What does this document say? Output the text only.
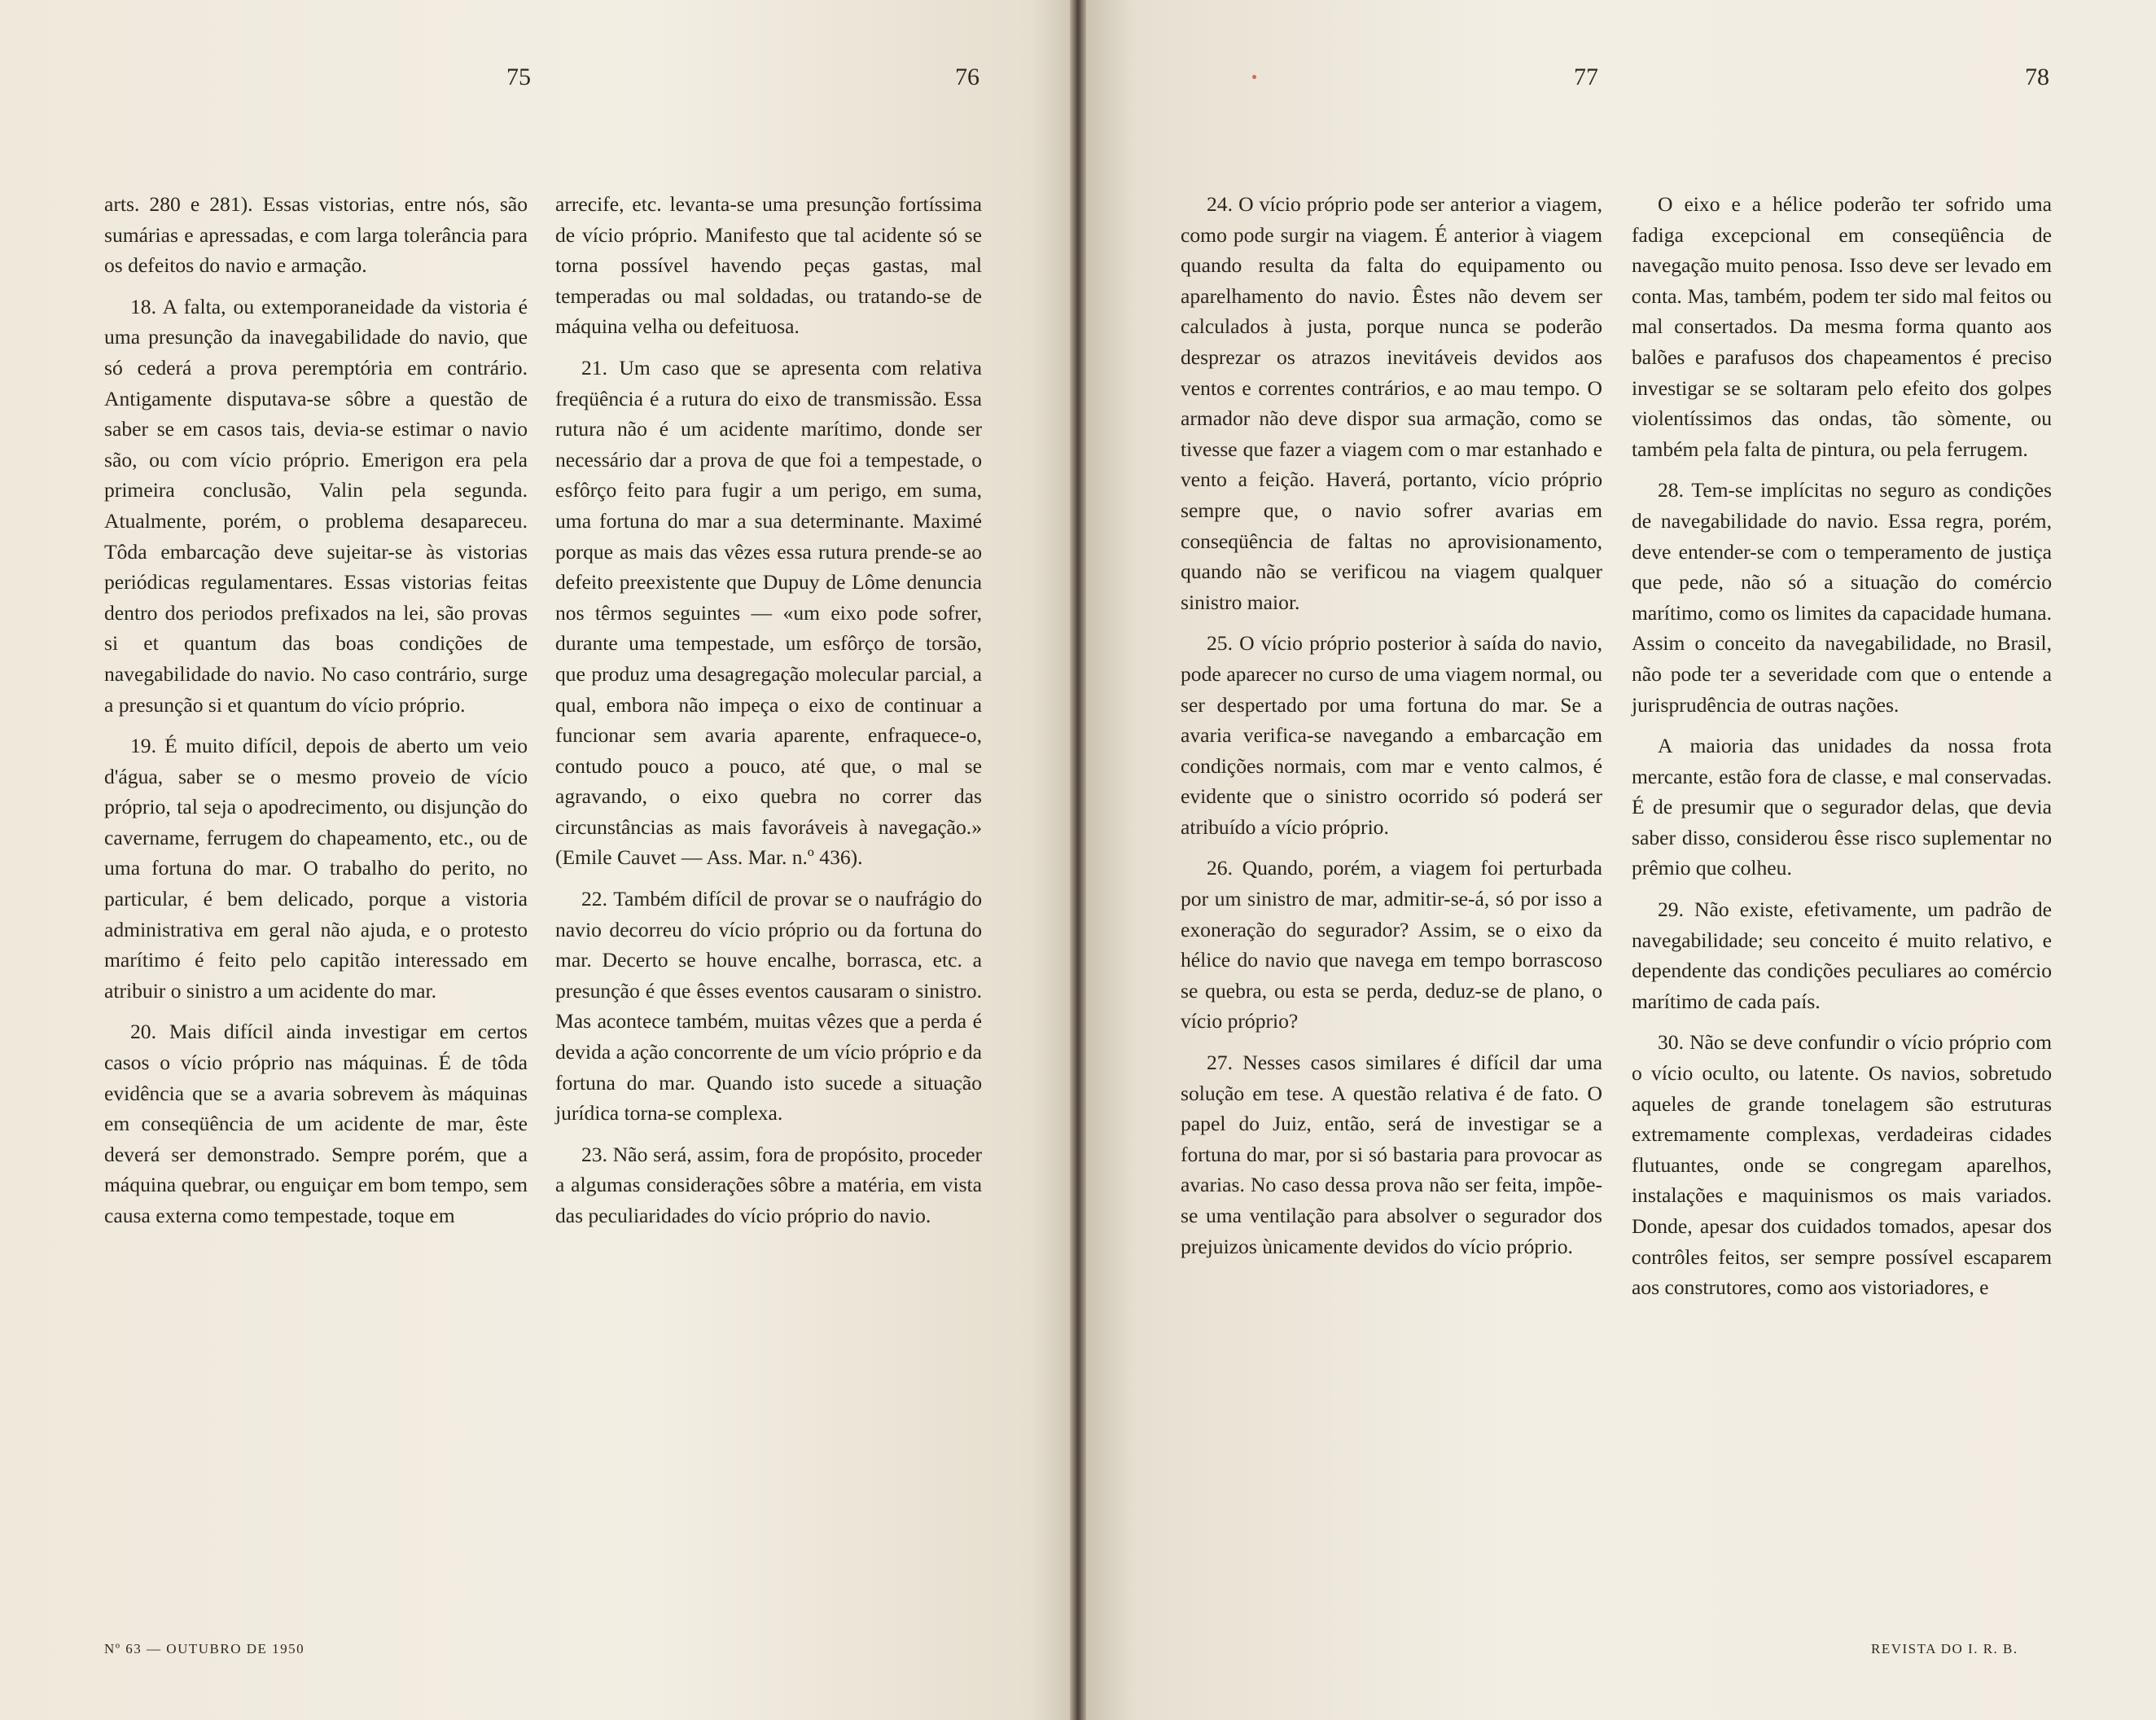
75	76	77	78

arts. 280 e 281). Essas vistorias, entre nós, são sumárias e apressadas, e com larga tolerância para os defeitos do navio e armação.

18. A falta, ou extemporaneidade da vistoria é uma presunção da inavegabilidade do navio, que só cederá a prova peremptória em contrário. Antigamente disputava-se sôbre a questão de saber se em casos tais, devia-se estimar o navio são, ou com vício próprio. Emerigon era pela primeira conclusão, Valin pela segunda. Atualmente, porém, o problema desapareceu. Tôda embarcação deve sujeitar-se às vistorias periódicas regulamentares. Essas vistorias feitas dentro dos periodos prefixados na lei, são provas si et quantum das boas condições de navegabilidade do navio. No caso contrário, surge a presunção si et quantum do vício próprio.

19. É muito difícil, depois de aberto um veio d'água, saber se o mesmo proveio de vício próprio, tal seja o apodrecimento, ou disjunção do cavername, ferrugem do chapeamento, etc., ou de uma fortuna do mar. O trabalho do perito, no particular, é bem delicado, porque a vistoria administrativa em geral não ajuda, e o protesto marítimo é feito pelo capitão interessado em atribuir o sinistro a um acidente do mar.

20. Mais difícil ainda investigar em certos casos o vício próprio nas máquinas. É de tôda evidência que se a avaria sobrevem às máquinas em conseqüência de um acidente de mar, êste deverá ser demonstrado. Sempre porém, que a máquina quebrar, ou enguiçar em bom tempo, sem causa externa como tempestade, toque em

arrecife, etc. levanta-se uma presunção fortíssima de vício próprio. Manifesto que tal acidente só se torna possível havendo peças gastas, mal temperadas ou mal soldadas, ou tratando-se de máquina velha ou defeituosa.

21. Um caso que se apresenta com relativa freqüência é a rutura do eixo de transmissão. Essa rutura não é um acidente marítimo, donde ser necessário dar a prova de que foi a tempestade, o esfôrço feito para fugir a um perigo, em suma, uma fortuna do mar a sua determinante. Maximé porque as mais das vêzes essa rutura prende-se ao defeito preexistente que Dupuy de Lôme denuncia nos têrmos seguintes — «um eixo pode sofrer, durante uma tempestade, um esfôrço de torsão, que produz uma desagregação molecular parcial, a qual, embora não impeça o eixo de continuar a funcionar sem avaria aparente, enfraquece-o, contudo pouco a pouco, até que, o mal se agravando, o eixo quebra no correr das circunstâncias as mais favoráveis à navegação.» (Emile Cauvet — Ass. Mar. n.º 436).

22. Também difícil de provar se o naufrágio do navio decorreu do vício próprio ou da fortuna do mar. Decerto se houve encalhe, borrasca, etc. a presunção é que êsses eventos causaram o sinistro. Mas acontece também, muitas vêzes que a perda é devida a ação concorrente de um vício próprio e da fortuna do mar. Quando isto sucede a situação jurídica torna-se complexa.

23. Não será, assim, fora de propósito, proceder a algumas considerações sôbre a matéria, em vista das peculiaridades do vício próprio do navio.

24. O vício próprio pode ser anterior a viagem, como pode surgir na viagem. É anterior à viagem quando resulta da falta do equipamento ou aparelhamento do navio. Êstes não devem ser calculados à justa, porque nunca se poderão desprezar os atrazos inevitáveis devidos aos ventos e correntes contrários, e ao mau tempo. O armador não deve dispor sua armação, como se tivesse que fazer a viagem com o mar estanhado e vento a feição. Haverá, portanto, vício próprio sempre que, o navio sofrer avarias em conseqüência de faltas no aprovisionamento, quando não se verificou na viagem qualquer sinistro maior.

25. O vício próprio posterior à saída do navio, pode aparecer no curso de uma viagem normal, ou ser despertado por uma fortuna do mar. Se a avaria verifica-se navegando a embarcação em condições normais, com mar e vento calmos, é evidente que o sinistro ocorrido só poderá ser atribuído a vício próprio.

26. Quando, porém, a viagem foi perturbada por um sinistro de mar, admitir-se-á, só por isso a exoneração do segurador? Assim, se o eixo da hélice do navio que navega em tempo borrascoso se quebra, ou esta se perda, deduz-se de plano, o vício próprio?

27. Nesses casos similares é difícil dar uma solução em tese. A questão relativa é de fato. O papel do Juiz, então, será de investigar se a fortuna do mar, por si só bastaria para provocar as avarias. No caso dessa prova não ser feita, impõe-se uma ventilação para absolver o segurador dos prejuizos ùnicamente devidos do vício próprio.

O eixo e a hélice poderão ter sofrido uma fadiga excepcional em conseqüência de navegação muito penosa. Isso deve ser levado em conta. Mas, também, podem ter sido mal feitos ou mal consertados. Da mesma forma quanto aos balões e parafusos dos chapeamentos é preciso investigar se se soltaram pelo efeito dos golpes violentíssimos das ondas, tão sòmente, ou também pela falta de pintura, ou pela ferrugem.

28. Tem-se implícitas no seguro as condições de navegabilidade do navio. Essa regra, porém, deve entender-se com o temperamento de justiça que pede, não só a situação do comércio marítimo, como os limites da capacidade humana. Assim o conceito da navegabilidade, no Brasil, não pode ter a severidade com que o entende a jurisprudência de outras nações.

A maioria das unidades da nossa frota mercante, estão fora de classe, e mal conservadas. É de presumir que o segurador delas, que devia saber disso, considerou êsse risco suplementar no prêmio que colheu.

29. Não existe, efetivamente, um padrão de navegabilidade; seu conceito é muito relativo, e dependente das condições peculiares ao comércio marítimo de cada país.

30. Não se deve confundir o vício próprio com o vício oculto, ou latente. Os navios, sobretudo aqueles de grande tonelagem são estruturas extremamente complexas, verdadeiras cidades flutuantes, onde se congregam aparelhos, instalações e maquinismos os mais variados. Donde, apesar dos cuidados tomados, apesar dos contrôles feitos, ser sempre possível escaparem aos construtores, como aos vistoriadores, e

Nº 63 — OUTUBRO DE 1950	REVISTA DO I. R. B.
